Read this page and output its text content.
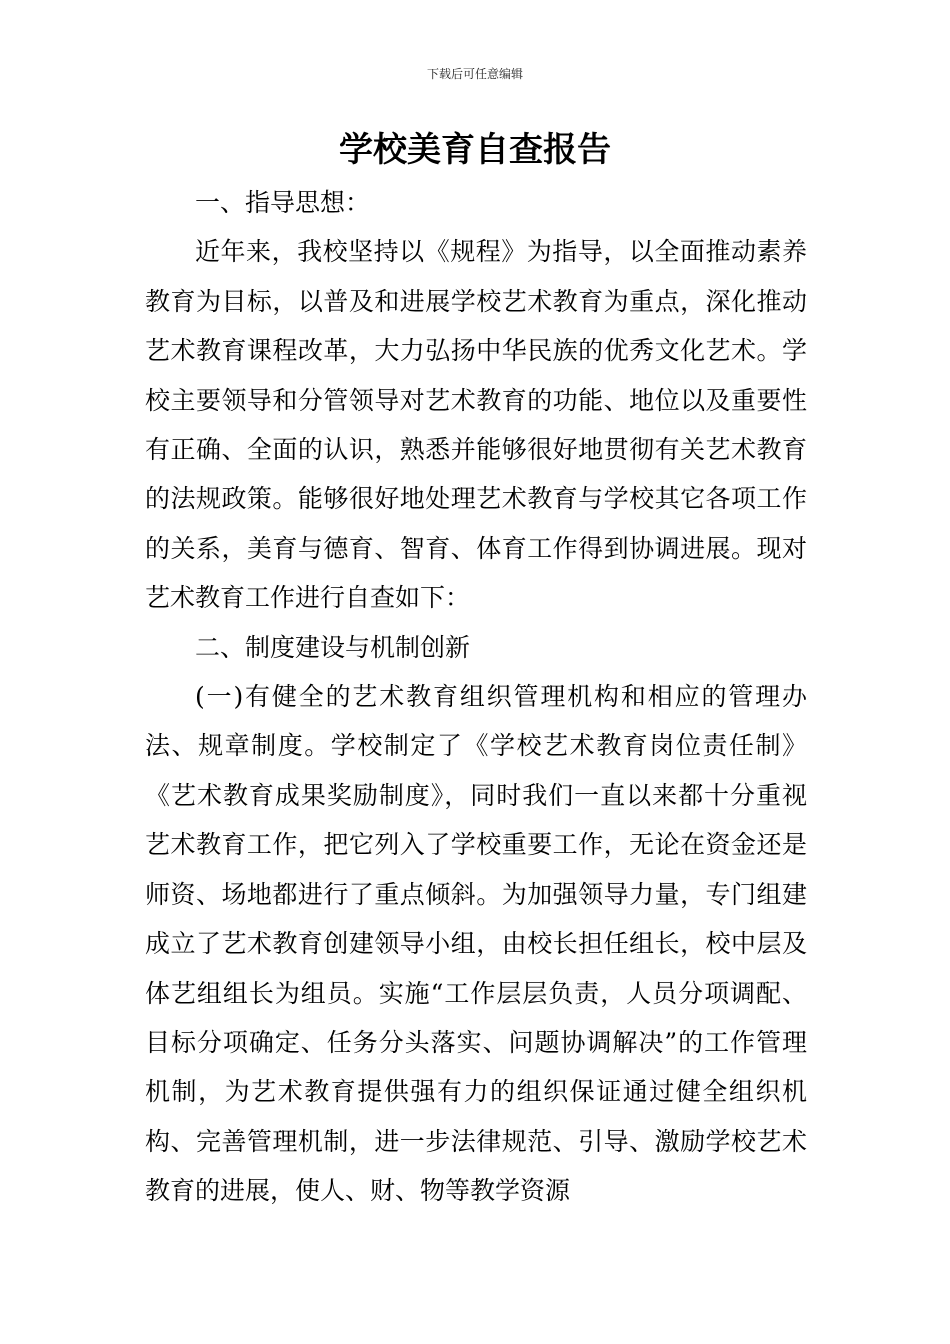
下载后可任意编辑
学校美育自查报告

一、指导思想：

近年来，我校坚持以《规程》为指导，以全面推动素养教育为目标，以普及和进展学校艺术教育为重点，深化推动艺术教育课程改革，大力弘扬中华民族的优秀文化艺术。学校主要领导和分管领导对艺术教育的功能、地位以及重要性有正确、全面的认识，熟悉并能够很好地贯彻有关艺术教育的法规政策。能够很好地处理艺术教育与学校其它各项工作的关系，美育与德育、智育、体育工作得到协调进展。现对艺术教育工作进行自查如下：

二、制度建设与机制创新

(一)有健全的艺术教育组织管理机构和相应的管理办法、规章制度。学校制定了《学校艺术教育岗位责任制》《艺术教育成果奖励制度》，同时我们一直以来都十分重视艺术教育工作，把它列入了学校重要工作，无论在资金还是师资、场地都进行了重点倾斜。为加强领导力量，专门组建成立了艺术教育创建领导小组，由校长担任组长，校中层及体艺组组长为组员。实施“工作层层负责，人员分项调配、目标分项确定、任务分头落实、问题协调解决”的工作管理机制，为艺术教育提供强有力的组织保证通过健全组织机构、完善管理机制，进一步法律规范、引导、激励学校艺术教育的进展，使人、财、物等教学资源
